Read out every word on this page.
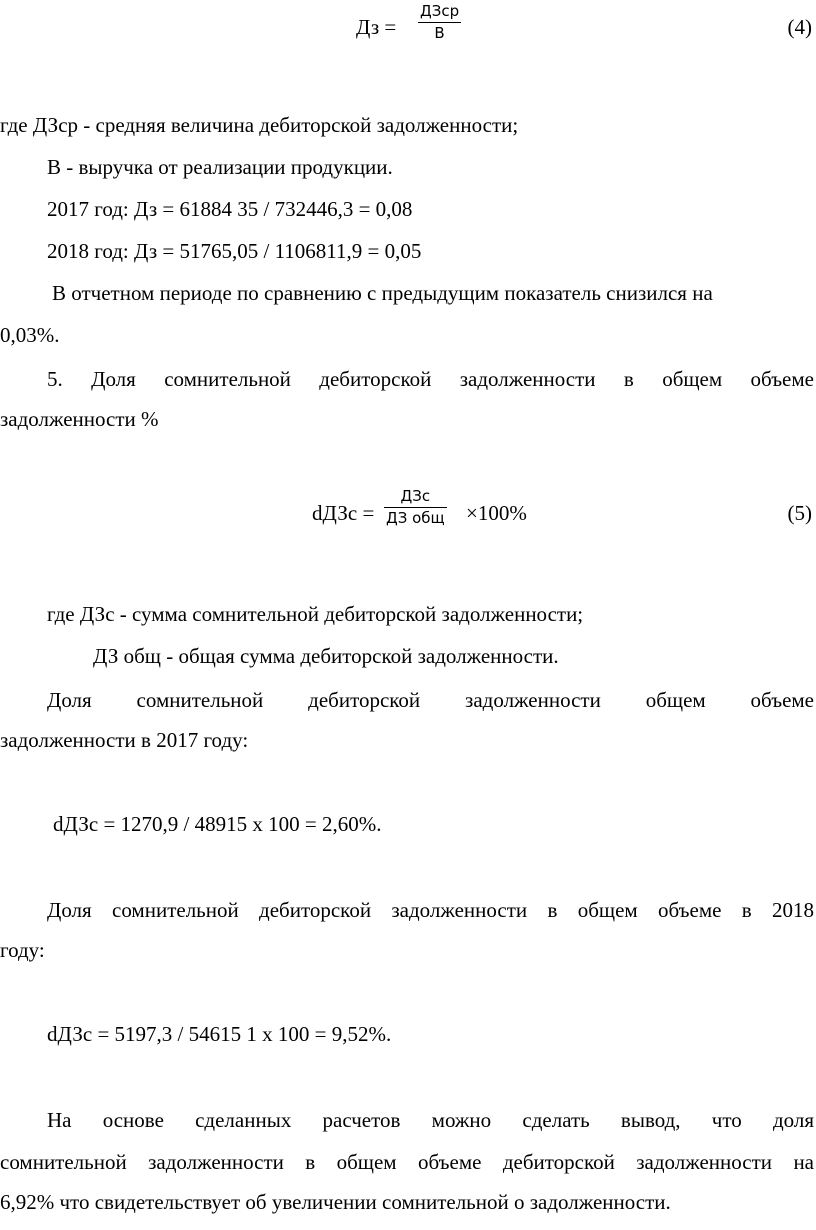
Дз =
ДЗср
В	(4)
где ДЗср - средняя величина дебиторской задолженности;
В - выручка от реализации продукции.
2017 год: Дз = 61884 35 / 732446,3 = 0,08
2018 год: Дз = 51765,05 / 1106811,9 = 0,05
В отчетном периоде по сравнению с предыдущим показатель снизился на
0,03%.
5. Доля сомнительной дебиторской задолженности в общем объеме
задолженности %
dДЗс =
ДЗс
ДЗ общ ×100%	(5)
где ДЗс - сумма сомнительной дебиторской задолженности;
ДЗ общ - общая сумма дебиторской задолженности.
Доля сомнительной дебиторской задолженности общем объеме
задолженности в 2017 году:
dДЗс = 1270,9 / 48915 х 100 = 2,60%.
Доля сомнительной дебиторской задолженности в общем объеме в 2018
году:
dДЗс = 5197,3 / 54615 1 х 100 = 9,52%.
На основе сделанных расчетов можно сделать вывод, что доля
сомнительной задолженности в общем объеме дебиторской задолженности на
6,92% что свидетельствует об увеличении сомнительной о задолженности.
